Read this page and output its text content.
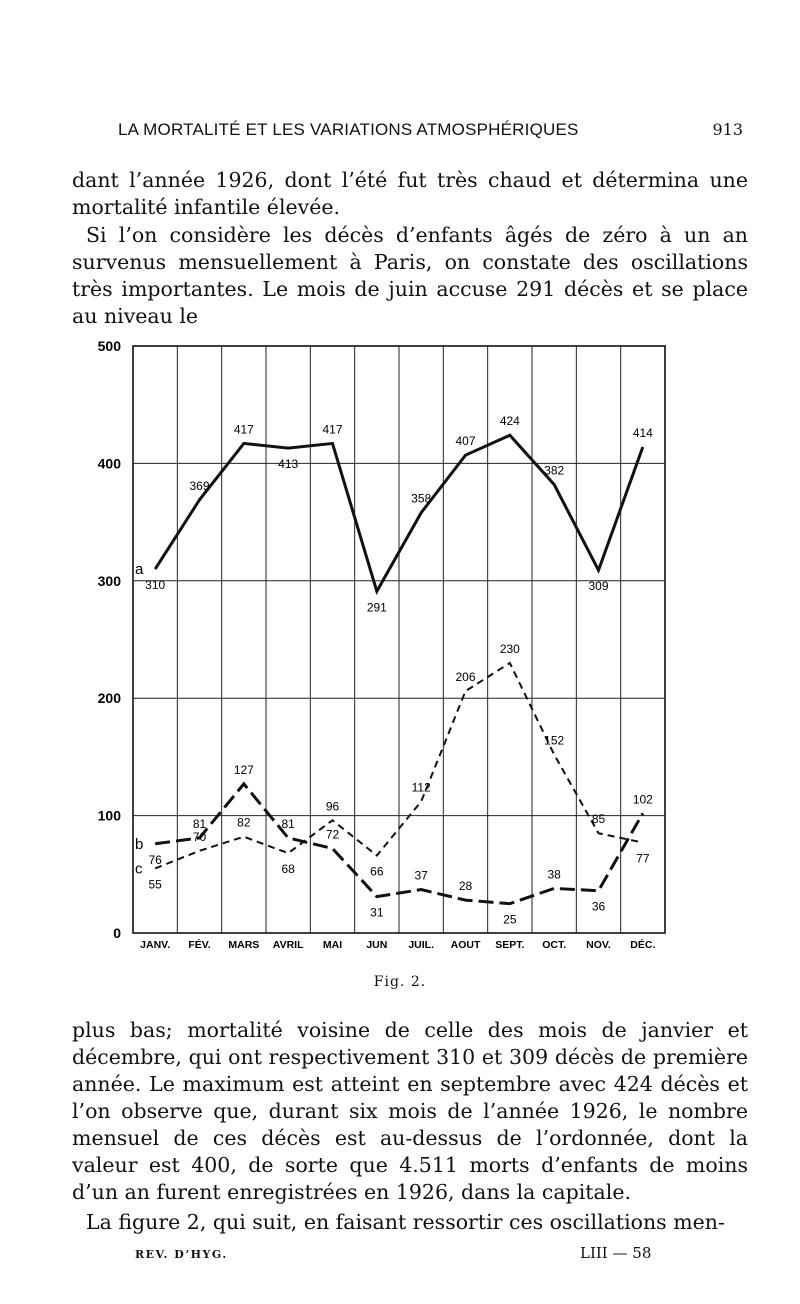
LA MORTALITÉ ET LES VARIATIONS ATMOSPHÉRIQUES	913

dant l’année 1926, dont l’été fut très chaud et détermina une mortalité infantile élevée.

Si l’on considère les décès d’enfants âgés de zéro à un an survenus mensuellement à Paris, on constate des oscillations très importantes. Le mois de juin accuse 291 décès et se place au niveau le

0
100
200
300
400
500
JANV. FÉV. MARS AVRIL MAI JUN JUIL. AOUT SEPT. OCT. NOV. DÉC.
a
310
369
417
413
417
291
358
407
424
382
309
414
b
76
81
127
81
72
31
37
28
25
38
36
102
c
55
70
82
68
96
66
112
206
230
152
85
77
Fig. 2.

plus bas; mortalité voisine de celle des mois de janvier et décembre, qui ont respectivement 310 et 309 décès de première année. Le maximum est atteint en septembre avec 424 décès et l’on observe que, durant six mois de l’année 1926, le nombre mensuel de ces décès est au-dessus de l’ordonnée, dont la valeur est 400, de sorte que 4.511 morts d’enfants de moins d’un an furent enregistrées en 1926, dans la capitale.

La figure 2, qui suit, en faisant ressortir ces oscillations men-

REV. D’HYG.	LIII — 58
